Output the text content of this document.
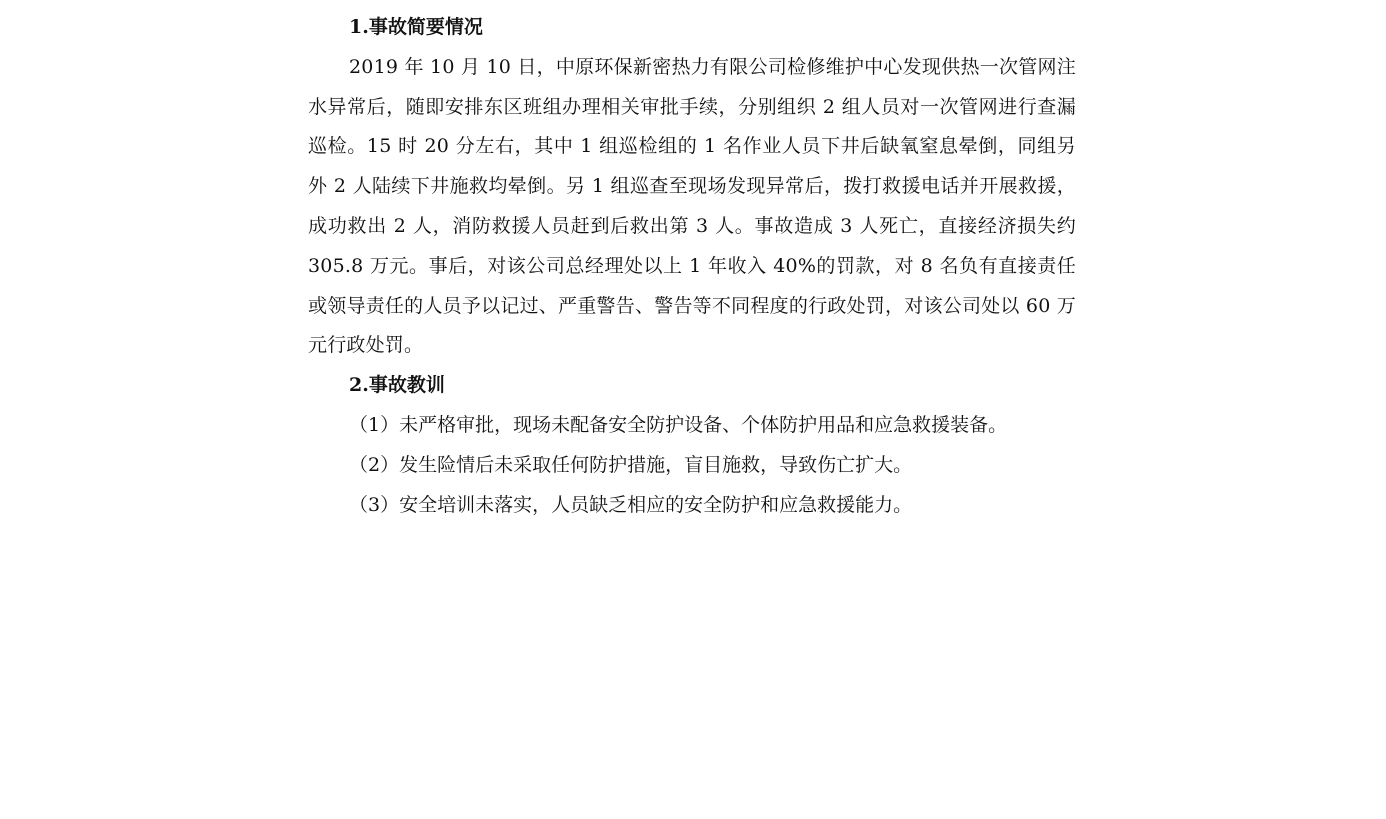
1.事故简要情况

2019 年 10 月 10 日，中原环保新密热力有限公司检修维护中心发现供热一次管网注水异常后，随即安排东区班组办理相关审批手续，分别组织 2 组人员对一次管网进行查漏巡检。15 时 20 分左右，其中 1 组巡检组的 1 名作业人员下井后缺氧窒息晕倒，同组另外 2 人陆续下井施救均晕倒。另 1 组巡查至现场发现异常后，拨打救援电话并开展救援，成功救出 2 人，消防救援人员赶到后救出第 3 人。事故造成 3 人死亡，直接经济损失约 305.8 万元。事后，对该公司总经理处以上 1 年收入 40%的罚款，对 8 名负有直接责任或领导责任的人员予以记过、严重警告、警告等不同程度的行政处罚，对该公司处以 60 万元行政处罚。

2.事故教训

（1）未严格审批，现场未配备安全防护设备、个体防护用品和应急救援装备。
（2）发生险情后未采取任何防护措施，盲目施救，导致伤亡扩大。
（3）安全培训未落实，人员缺乏相应的安全防护和应急救援能力。
